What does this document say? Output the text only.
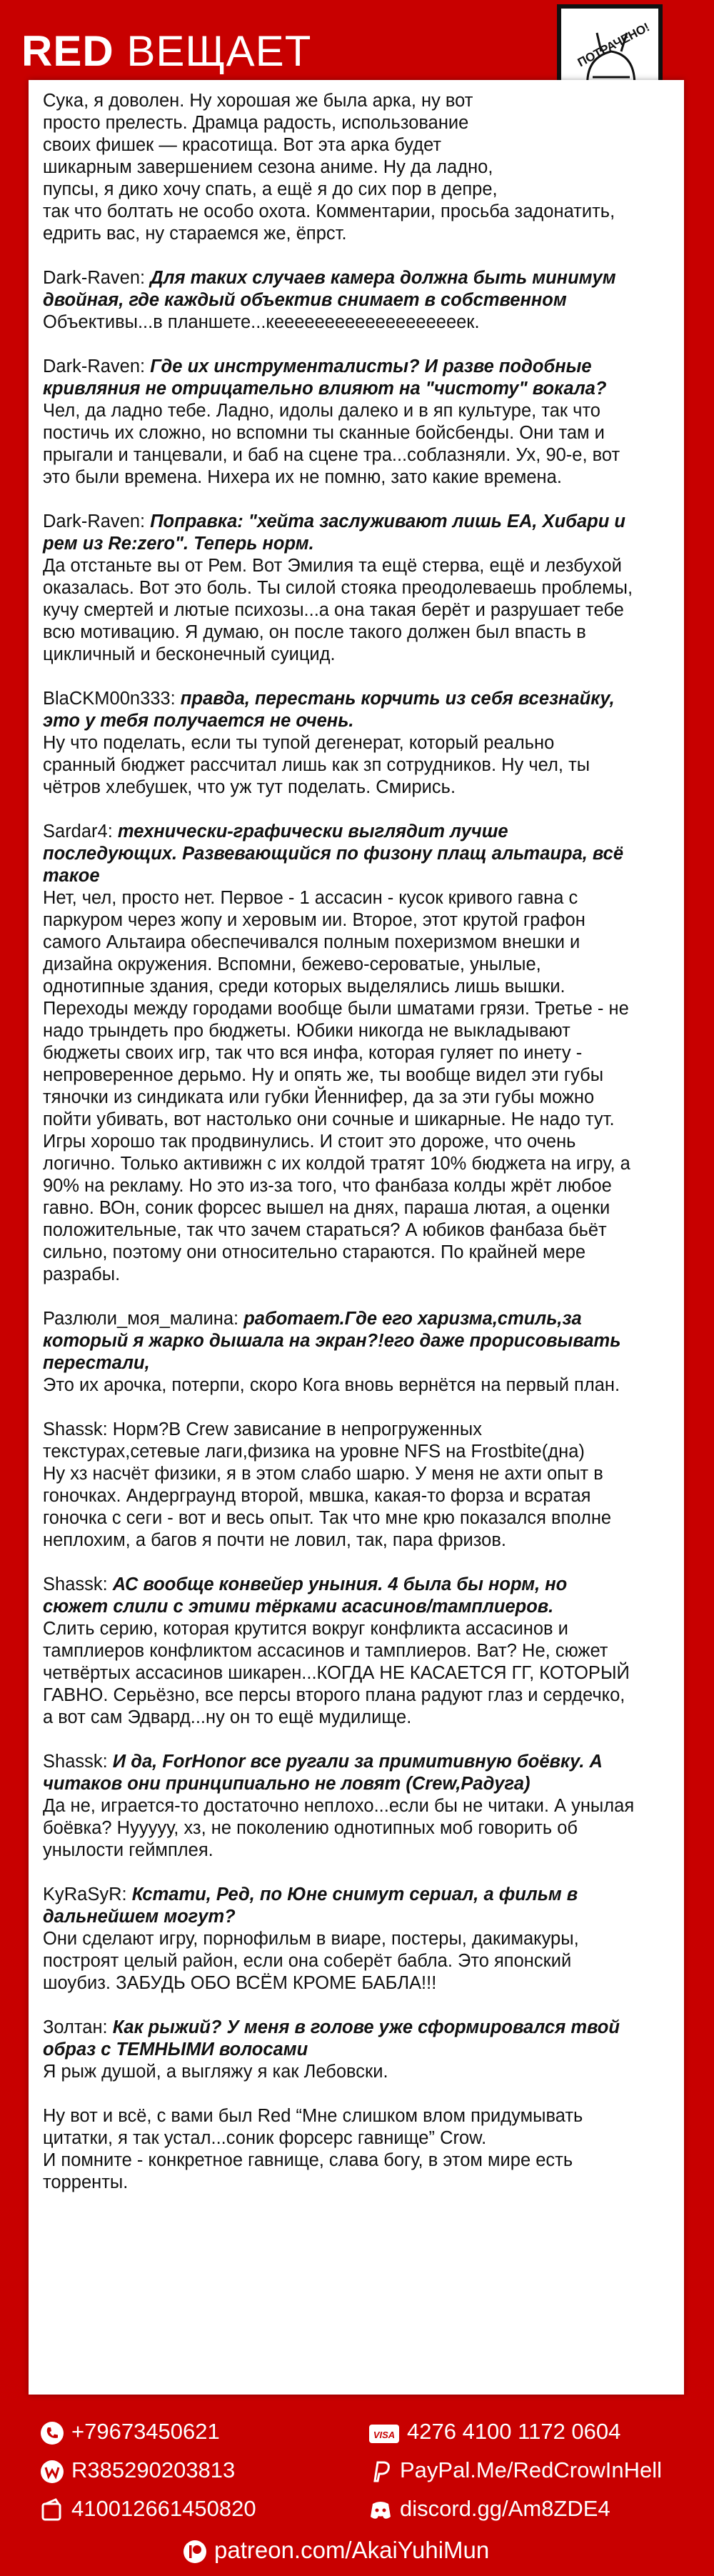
RED ВЕЩАЕТ	ПОТРАЧЕНО!
Сука, я доволен. Ну хорошая же была арка, ну вот
просто прелесть. Драмца радость, использование
своих фишек — красотища. Вот эта арка будет
шикарным завершением сезона аниме. Ну да ладно,
пупсы, я дико хочу спать, а ещё я до сих пор в депре,
так что болтать не особо охота. Комментарии, просьба задонатить,
едрить вас, ну стараемся же, ёпрст.
Dark-Raven: Для таких случаев камера должна быть минимум
двойная, где каждый объектив снимает в собственном
Объективы...в планшете...кееееееееееееееееееек.
Dark-Raven: Где их инструменталисты? И разве подобные
кривляния не отрицательно влияют на "чистоту" вокала?
Чел, да ладно тебе. Ладно, идолы далеко и в яп культуре, так что
постичь их сложно, но вспомни ты сканные бойсбенды. Они там и
прыгали и танцевали, и баб на сцене тра...соблазняли. Ух, 90-е, вот
это были времена. Нихера их не помню, зато какие времена.
Dark-Raven: Поправка: "хейта заслуживают лишь ЕА, Хибари и
рем из Re:zero". Теперь норм.
Да отстаньте вы от Рем. Вот Эмилия та ещё стерва, ещё и лезбухой
оказалась. Вот это боль. Ты силой стояка преодолеваешь проблемы,
кучу смертей и лютые психозы...а она такая берёт и разрушает тебе
всю мотивацию. Я думаю, он после такого должен был впасть в
цикличный и бесконечный суицид.
BlaCKM00n333: правда, перестань корчить из себя всезнайку,
это у тебя получается не очень.
Ну что поделать, если ты тупой дегенерат, который реально
сранный бюджет рассчитал лишь как зп сотрудников. Ну чел, ты
чётров хлебушек, что уж тут поделать. Смирись.
Sardar4: технически-графически выглядит лучше
последующих. Развевающийся по физону плащ альтаира, всё
такое
Нет, чел, просто нет. Первое - 1 ассасин - кусок кривого гавна с
паркуром через жопу и херовым ии. Второе, этот крутой графон
самого Альтаира обеспечивался полным похеризмом внешки и
дизайна окружения. Вспомни, бежево-сероватые, унылые,
однотипные здания, среди которых выделялись лишь вышки.
Переходы между городами вообще были шматами грязи. Третье - не
надо трындеть про бюджеты. Юбики никогда не выкладывают
бюджеты своих игр, так что вся инфа, которая гуляет по инету -
непроверенное дерьмо. Ну и опять же, ты вообще видел эти губы
тяночки из синдиката или губки Йеннифер, да за эти губы можно
пойти убивать, вот настолько они сочные и шикарные. Не надо тут.
Игры хорошо так продвинулись. И стоит это дороже, что очень
логично. Только активижн с их колдой тратят 10% бюджета на игру, а
90% на рекламу. Но это из-за того, что фанбаза колды жрёт любое
гавно. ВОн, соник форсес вышел на днях, параша лютая, а оценки
положительные, так что зачем стараться? А юбиков фанбаза бьёт
сильно, поэтому они относительно стараются. По крайней мере
разрабы.
Разлюли_моя_малина: работает.Где его харизма,стиль,за
который я жарко дышала на экран?!его даже прорисовывать
перестали,
Это их арочка, потерпи, скоро Кога вновь вернётся на первый план.
Shassk: Норм?В Crew зависание в непрогруженных
текстурах,сетевые лаги,физика на уровне NFS на Frostbite(дна)
Ну хз насчёт физики, я в этом слабо шарю. У меня не ахти опыт в
гоночках. Андерграунд второй, мвшка, какая-то форза и всратая
гоночка с сеги - вот и весь опыт. Так что мне крю показался вполне
неплохим, а багов я почти не ловил, так, пара фризов.
Shassk: АС вообще конвейер уныния. 4 была бы норм, но
сюжет слили с этими тёрками асасинов/тамплиеров.
Слить серию, которая крутится вокруг конфликта ассасинов и
тамплиеров конфликтом ассасинов и тамплиеров. Ват? Не, сюжет
четвёртых ассасинов шикарен...КОГДА НЕ КАСАЕТСЯ ГГ, КОТОРЫЙ
ГАВНО. Серьёзно, все персы второго плана радуют глаз и сердечко,
а вот сам Эдвард...ну он то ещё мудилище.
Shassk: И да, ForHonor все ругали за примитивную боёвку. А
читаков они принципиально не ловят (Crew,Радуга)
Да не, играется-то достаточно неплохо...если бы не читаки. А унылая
боёвка? Нууууу, хз, не поколению однотипных моб говорить об
унылости геймплея.
KyRaSyR: Кстати, Ред, по Юне снимут сериал, а фильм в
дальнейшем могут?
Они сделают игру, порнофильм в виаре, постеры, дакимакуры,
построят целый район, если она соберёт бабла. Это японский
шоубиз. ЗАБУДЬ ОБО ВСЁМ КРОМЕ БАБЛА!!!
Золтан: Как рыжий? У меня в голове уже сформировался твой
образ с ТЕМНЫМИ волосами
Я рыж душой, а выгляжу я как Лебовски.
Ну вот и всё, с вами был Red “Мне слишком влом придумывать
цитатки, я так устал...соник форсерс гавнище” Crow.
И помните - конкретное гавнище, слава богу, в этом мире есть
торренты.
+79673450621	VISA 4276 4100 1172 0604
R385290203813	PayPal.Me/RedCrowInHell
410012661450820	discord.gg/Am8ZDE4
patreon.com/AkaiYuhiMun
